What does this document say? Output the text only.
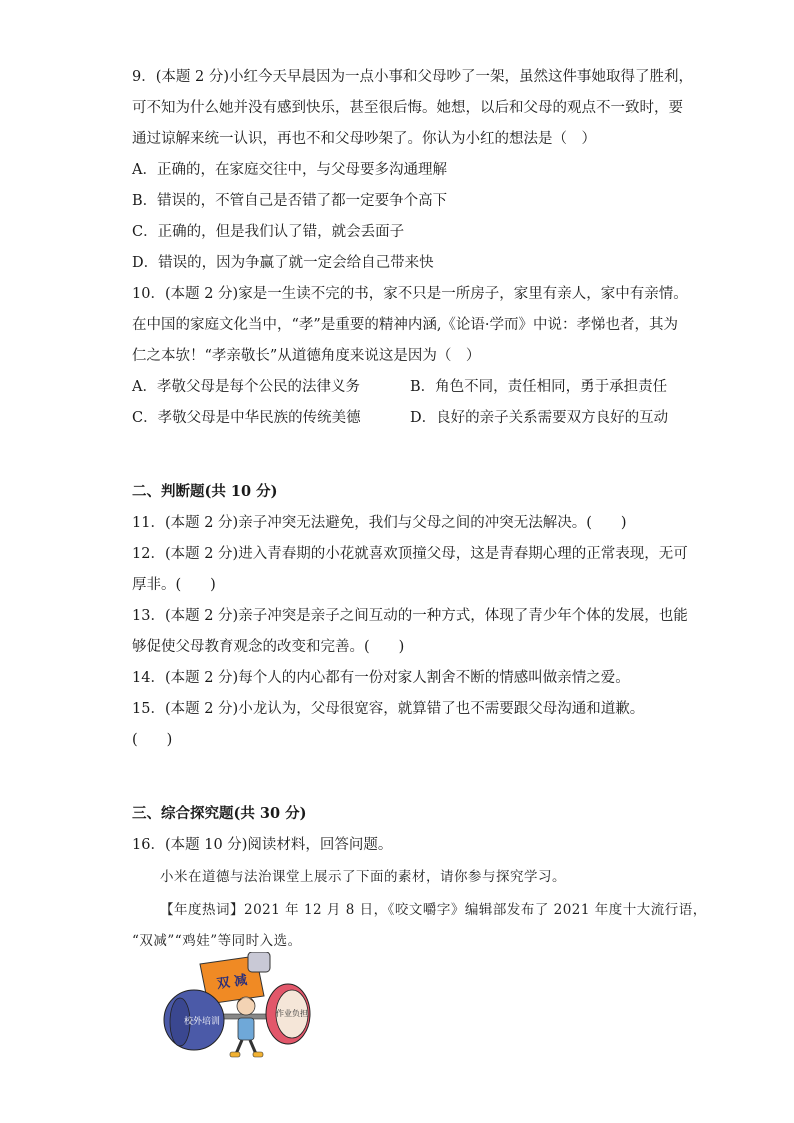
9．(本题 2 分)小红今天早晨因为一点小事和父母吵了一架，虽然这件事她取得了胜利，
可不知为什么她并没有感到快乐，甚至很后悔。她想，以后和父母的观点不一致时，要
通过谅解来统一认识，再也不和父母吵架了。你认为小红的想法是（　）
A．正确的，在家庭交往中，与父母要多沟通理解
B．错误的，不管自己是否错了都一定要争个高下
C．正确的，但是我们认了错，就会丢面子
D．错误的，因为争赢了就一定会给自己带来快
10．(本题 2 分)家是一生读不完的书，家不只是一所房子，家里有亲人，家中有亲情。
在中国的家庭文化当中，“孝”是重要的精神内涵,《论语·学而》中说：孝悌也者，其为
仁之本欤！“孝亲敬长”从道德角度来说这是因为（　）
A．孝敬父母是每个公民的法律义务	B．角色不同，责任相同，勇于承担责任
C．孝敬父母是中华民族的传统美德	D．良好的亲子关系需要双方良好的互动
二、判断题(共 10 分)
11．(本题 2 分)亲子冲突无法避免，我们与父母之间的冲突无法解决。(　　)
12．(本题 2 分)进入青春期的小花就喜欢顶撞父母，这是青春期心理的正常表现，无可
厚非。(　　)
13．(本题 2 分)亲子冲突是亲子之间互动的一种方式，体现了青少年个体的发展，也能
够促使父母教育观念的改变和完善。(　　)
14．(本题 2 分)每个人的内心都有一份对家人割舍不断的情感叫做亲情之爱。
15．(本题 2 分)小龙认为，父母很宽容，就算错了也不需要跟父母沟通和道歉。
(　　)
三、综合探究题(共 30 分)
16．(本题 10 分)阅读材料，回答问题。
小米在道德与法治课堂上展示了下面的素材，请你参与探究学习。
【年度热词】2021 年 12 月 8 日，《咬文嚼字》编辑部发布了 2021 年度十大流行语，
“双减”“鸡娃”等同时入选。
双 减
校外培训
作业负担
